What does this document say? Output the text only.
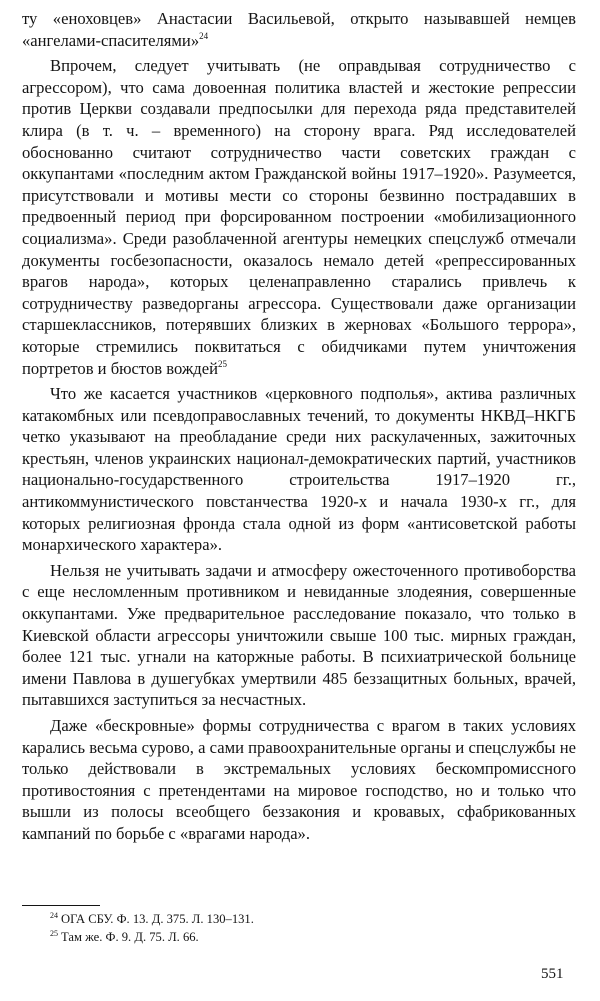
ту «еноховцев» Анастасии Васильевой, открыто называвшей немцев «ангелами-спасителями»$^{24}$

Впрочем, следует учитывать (не оправдывая сотрудничество с агрессором), что сама довоенная политика властей и жестокие репрессии против Церкви создавали предпосылки для перехода ряда представителей клира (в т. ч. – временного) на сторону врага. Ряд исследователей обоснованно считают сотрудничество части советских граждан с оккупантами «последним актом Гражданской войны 1917–1920». Разумеется, присутствовали и мотивы мести со стороны безвинно пострадавших в предвоенный период при форсированном построении «мобилизационного социализма». Среди разоблаченной агентуры немецких спецслужб отмечали документы госбезопасности, оказалось немало детей «репрессированных врагов народа», которых целенаправленно старались привлечь к сотрудничеству разведорганы агрессора. Существовали даже организации старшеклассников, потерявших близких в жерновах «Большого террора», которые стремились поквитаться с обидчиками путем уничтожения портретов и бюстов вождей$^{25}$

Что же касается участников «церковного подполья», актива различных катакомбных или псевдоправославных течений, то документы НКВД–НКГБ четко указывают на преобладание среди них раскулаченных, зажиточных крестьян, членов украинских национал-демократических партий, участников национально-государственного строительства 1917–1920 гг., антикоммунистического повстанчества 1920-х и начала 1930-х гг., для которых религиозная фронда стала одной из форм «антисоветской работы монархического характера».

Нельзя не учитывать задачи и атмосферу ожесточенного противоборства с еще несломленным противником и невиданные злодеяния, совершенные оккупантами. Уже предварительное расследование показало, что только в Киевской области агрессоры уничтожили свыше 100 тыс. мирных граждан, более 121 тыс. угнали на каторжные работы. В психиатрической больнице имени Павлова в душегубках умертвили 485 беззащитных больных, врачей, пытавшихся заступиться за несчастных.

Даже «бескровные» формы сотрудничества с врагом в таких условиях карались весьма сурово, а сами правоохранительные органы и спецслужбы не только действовали в экстремальных условиях бескомпромиссного противостояния с претендентами на мировое господство, но и только что вышли из полосы всеобщего беззакония и кровавых, сфабрикованных кампаний по борьбе с «врагами народа».

$^{24}$ ОГА СБУ. Ф. 13. Д. 375. Л. 130–131.
$^{25}$ Там же. Ф. 9. Д. 75. Л. 66.
551
